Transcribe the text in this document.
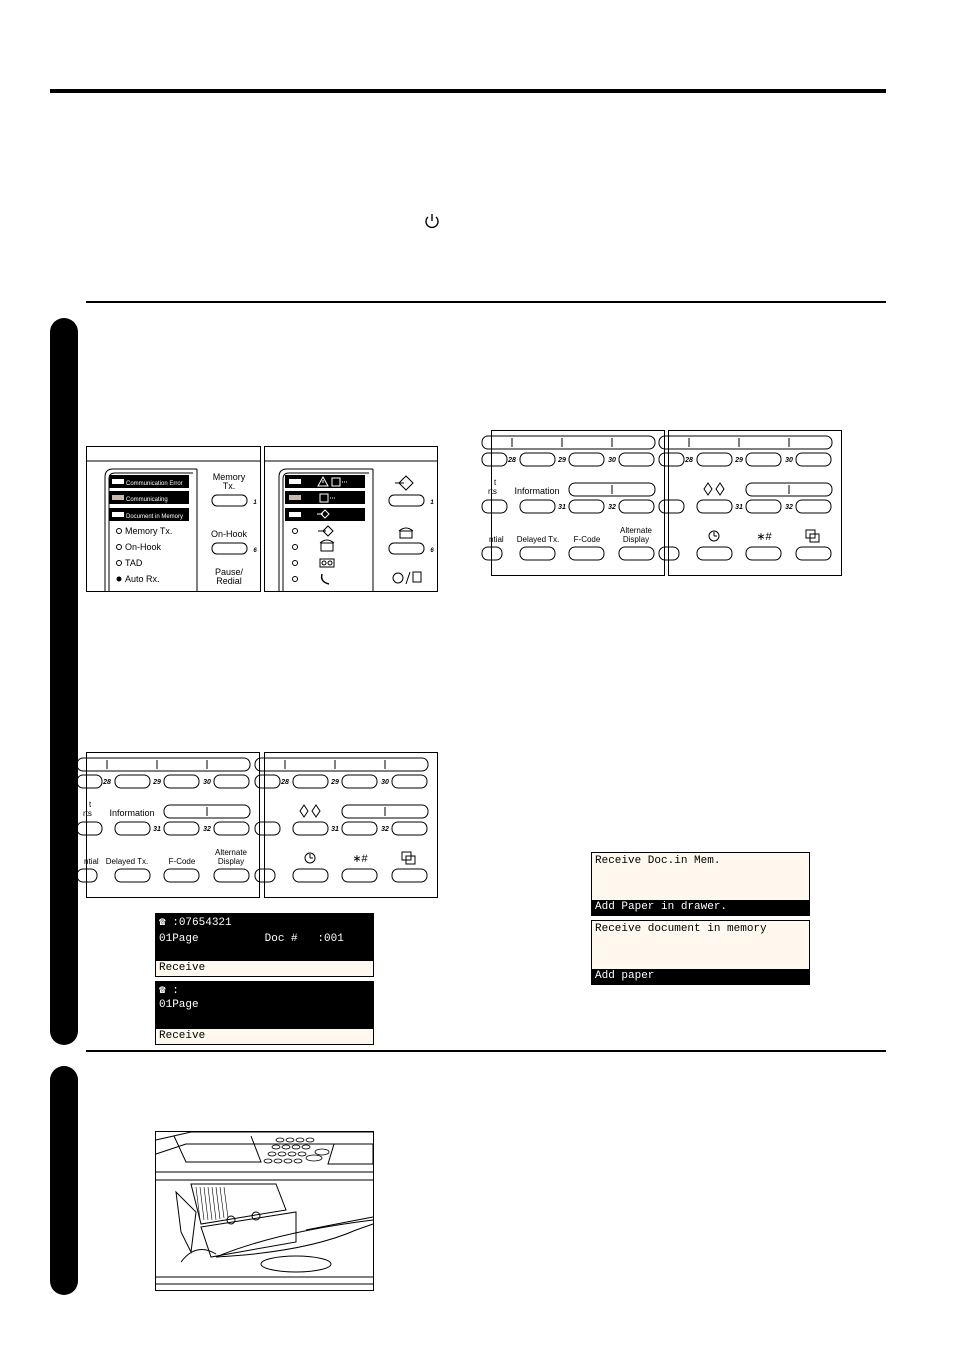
Communication Error
Communicating
Document in Memory
Memory Tx.
On-Hook
TAD
Auto Rx.
Memory
Tx.
1
On-Hook
6
Pause/
Redial
1
6
28	29	30
t
rts Information
31	32
ntial Delayed Tx. F-Code
Alternate
Display
28	29	30
31	32
∗#
28	29	30
t
rts Information
31	32
ntial Delayed Tx.	F-Code
Alternate
Display
28	29	30
31	32
∗#
☎ :07654321
01Page          Doc #   :001
Receive
☎ :
01Page
Receive
Receive Doc.in Mem.
Add Paper in drawer.
Receive document in memory
Add paper
